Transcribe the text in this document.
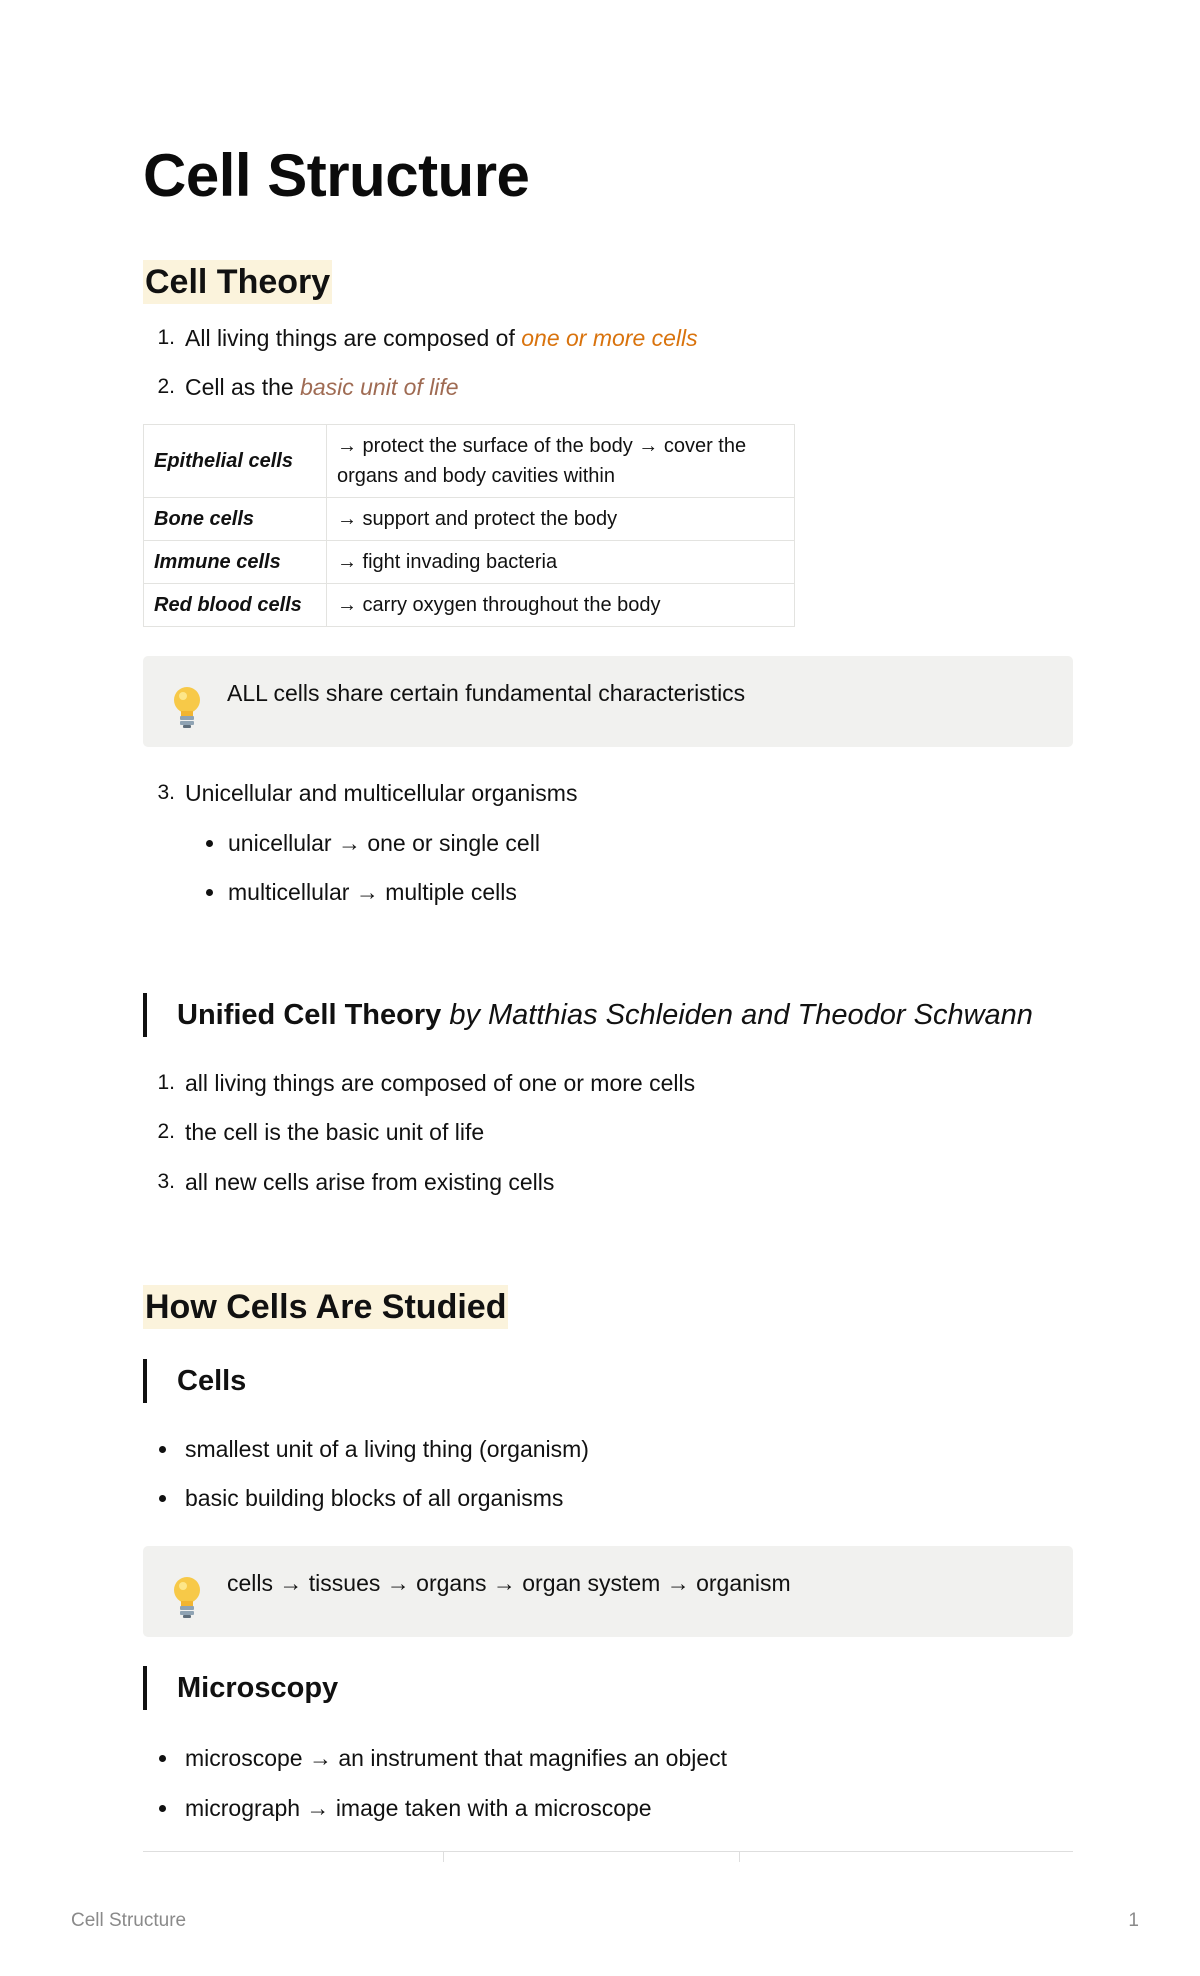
Cell Structure
Cell Theory
1. All living things are composed of one or more cells
2. Cell as the basic unit of life
Epithelial cells	→ protect the surface of the body → cover the organs and body cavities within
Bone cells	→ support and protect the body
Immune cells	→ fight invading bacteria
Red blood cells	→ carry oxygen throughout the body
ALL cells share certain fundamental characteristics
3. Unicellular and multicellular organisms
unicellular → one or single cell
multicellular → multiple cells
Unified Cell Theory by Matthias Schleiden and Theodor Schwann
1. all living things are composed of one or more cells
2. the cell is the basic unit of life
3. all new cells arise from existing cells
How Cells Are Studied
Cells
smallest unit of a living thing (organism)
basic building blocks of all organisms
cells → tissues → organs → organ system → organism
Microscopy
microscope → an instrument that magnifies an object
micrograph → image taken with a microscope
Cell Structure	1
